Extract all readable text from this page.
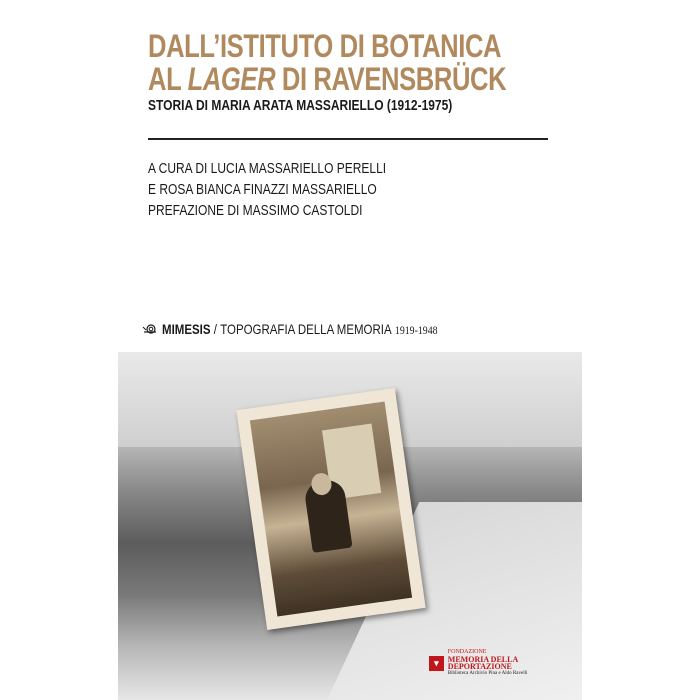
DALL’ISTITUTO DI BOTANICA
AL LAGER DI RAVENSBRÜCK
STORIA DI MARIA ARATA MASSARIELLO (1912-1975)
A CURA DI LUCIA MASSARIELLO PERELLI
E ROSA BIANCA FINAZZI MASSARIELLO
PREFAZIONE DI MASSIMO CASTOLDI
MIMESIS / TOPOGRAFIA DELLA MEMORIA 1919-1948
▾
FONDAZIONE
MEMORIA DELLA DEPORTAZIONE
Biblioteca Archivio Pina e Aldo Ravelli
